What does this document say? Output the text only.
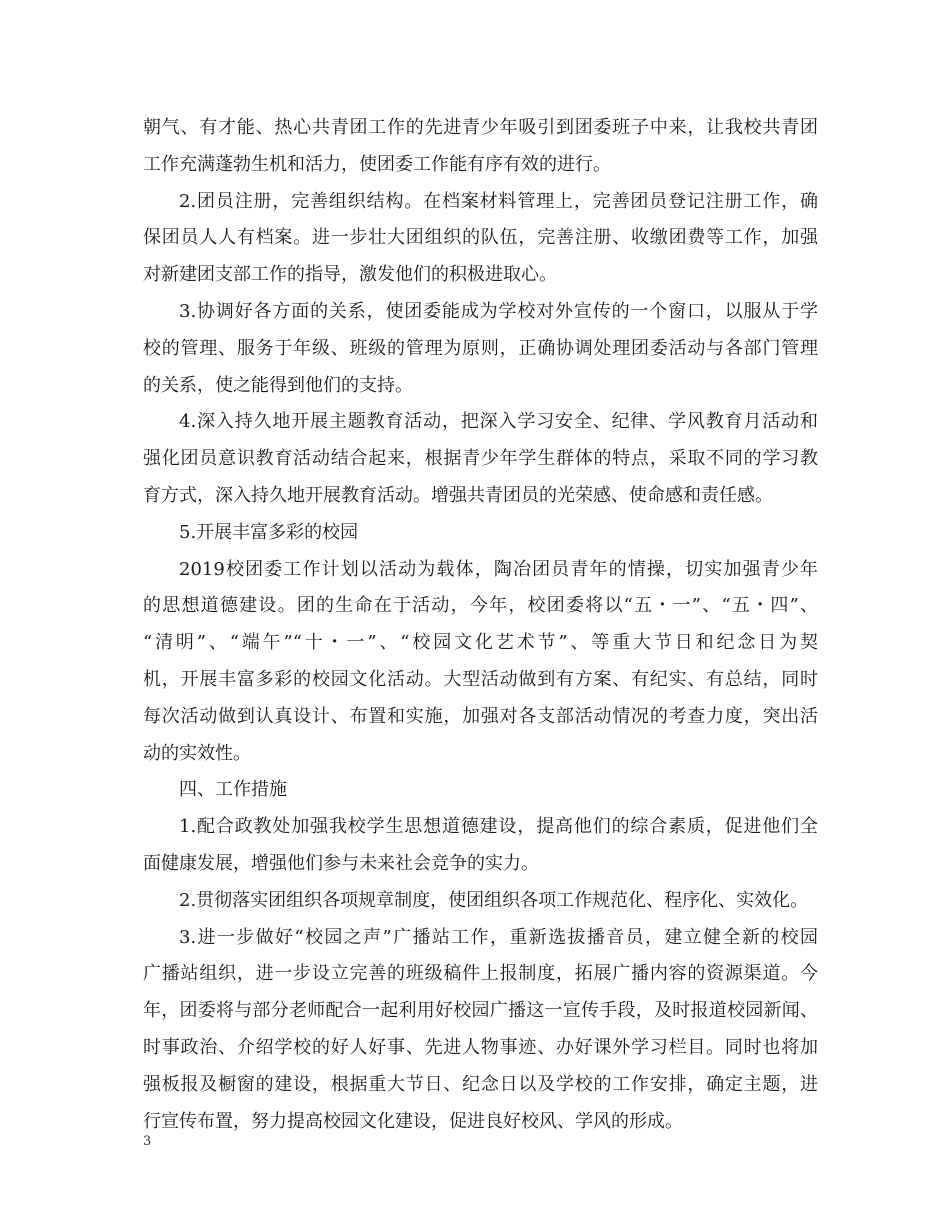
朝气、有才能、热心共青团工作的先进青少年吸引到团委班子中来，让我校共青团
工作充满蓬勃生机和活力，使团委工作能有序有效的进行。
2.团员注册，完善组织结构。在档案材料管理上，完善团员登记注册工作，确
保团员人人有档案。进一步壮大团组织的队伍，完善注册、收缴团费等工作，加强
对新建团支部工作的指导，激发他们的积极进取心。
3.协调好各方面的关系，使团委能成为学校对外宣传的一个窗口，以服从于学
校的管理、服务于年级、班级的管理为原则，正确协调处理团委活动与各部门管理
的关系，使之能得到他们的支持。
4.深入持久地开展主题教育活动，把深入学习安全、纪律、学风教育月活动和
强化团员意识教育活动结合起来，根据青少年学生群体的特点，采取不同的学习教
育方式，深入持久地开展教育活动。增强共青团员的光荣感、使命感和责任感。
5.开展丰富多彩的校园
2019校团委工作计划以活动为载体，陶冶团员青年的情操，切实加强青少年
的思想道德建设。团的生命在于活动，今年，校团委将以“五・一”、“五・四”、
“清明”、“端午”“十・一”、“校园文化艺术节”、等重大节日和纪念日为契
机，开展丰富多彩的校园文化活动。大型活动做到有方案、有纪实、有总结，同时
每次活动做到认真设计、布置和实施，加强对各支部活动情况的考查力度，突出活
动的实效性。
四、工作措施
1.配合政教处加强我校学生思想道德建设，提高他们的综合素质，促进他们全
面健康发展，增强他们参与未来社会竞争的实力。
2.贯彻落实团组织各项规章制度，使团组织各项工作规范化、程序化、实效化。
3.进一步做好“校园之声”广播站工作，重新选拔播音员，建立健全新的校园
广播站组织，进一步设立完善的班级稿件上报制度，拓展广播内容的资源渠道。今
年，团委将与部分老师配合一起利用好校园广播这一宣传手段，及时报道校园新闻、
时事政治、介绍学校的好人好事、先进人物事迹、办好课外学习栏目。同时也将加
强板报及橱窗的建设，根据重大节日、纪念日以及学校的工作安排，确定主题，进
行宣传布置，努力提高校园文化建设，促进良好校风、学风的形成。
3
